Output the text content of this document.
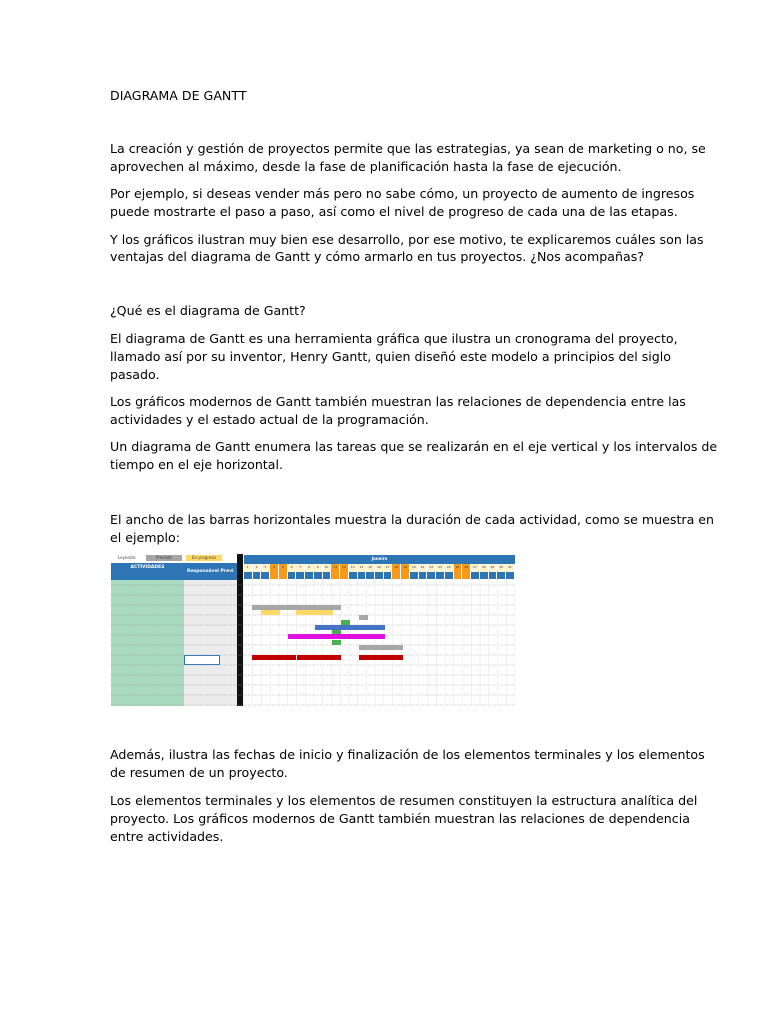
DIAGRAMA DE GANTT

La creación y gestión de proyectos permite que las estrategias, ya sean de marketing o no, se

aprovechen al máximo, desde la fase de planificación hasta la fase de ejecución.

Por ejemplo, si deseas vender más pero no sabe cómo, un proyecto de aumento de ingresos

puede mostrarte el paso a paso, así como el nivel de progreso de cada una de las etapas.

Y los gráficos ilustran muy bien ese desarrollo, por ese motivo, te explicaremos cuáles son las

ventajas del diagrama de Gantt y cómo armarlo en tus proyectos. ¿Nos acompañas?

¿Qué es el diagrama de Gantt?

El diagrama de Gantt es una herramienta gráfica que ilustra un cronograma del proyecto,

llamado así por su inventor, Henry Gantt, quien diseñó este modelo a principios del siglo

pasado.

Los gráficos modernos de Gantt también muestran las relaciones de dependencia entre las

actividades y el estado actual de la programación.

Un diagrama de Gantt enumera las tareas que se realizarán en el eje vertical y los intervalos de

tiempo en el eje horizontal.

El ancho de las barras horizontales muestra la duración de cada actividad, como se muestra en

el ejemplo:

Además, ilustra las fechas de inicio y finalización de los elementos terminales y los elementos

de resumen de un proyecto.

Los elementos terminales y los elementos de resumen constituyen la estructura analítica del

proyecto. Los gráficos modernos de Gantt también muestran las relaciones de dependencia

entre actividades.

Leyenda:	Previsto	En progreso
ACTIVIDADES
Responsável Previ
Janeiro
1	2	3	4	5	6	7	8	9	10	11	12	13	14	15	16	17	18	19	20	21	22	23	24	25	26	27	28	29	30	31
